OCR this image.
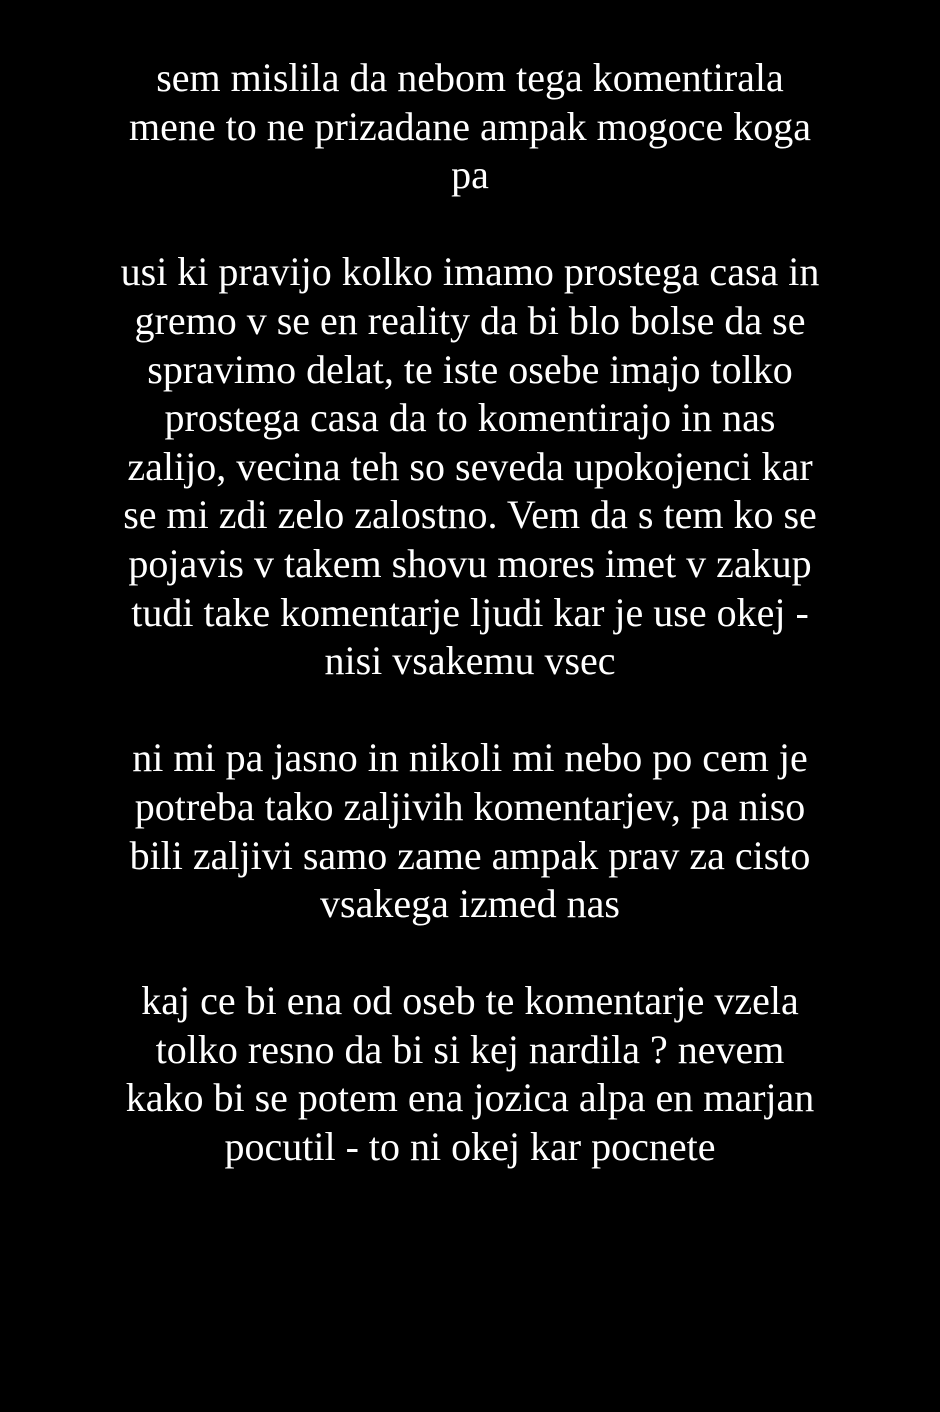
sem mislila da nebom tega komentirala
mene to ne prizadane ampak mogoce koga
pa
usi ki pravijo kolko imamo prostega casa in
gremo v se en reality da bi blo bolse da se
spravimo delat, te iste osebe imajo tolko
prostega casa da to komentirajo in nas
zalijo, vecina teh so seveda upokojenci kar
se mi zdi zelo zalostno. Vem da s tem ko se
pojavis v takem shovu mores imet v zakup
tudi take komentarje ljudi kar je use okej -
nisi vsakemu vsec
ni mi pa jasno in nikoli mi nebo po cem je
potreba tako zaljivih komentarjev, pa niso
bili zaljivi samo zame ampak prav za cisto
vsakega izmed nas
kaj ce bi ena od oseb te komentarje vzela
tolko resno da bi si kej nardila ? nevem
kako bi se potem ena jozica alpa en marjan
pocutil - to ni okej kar pocnete
